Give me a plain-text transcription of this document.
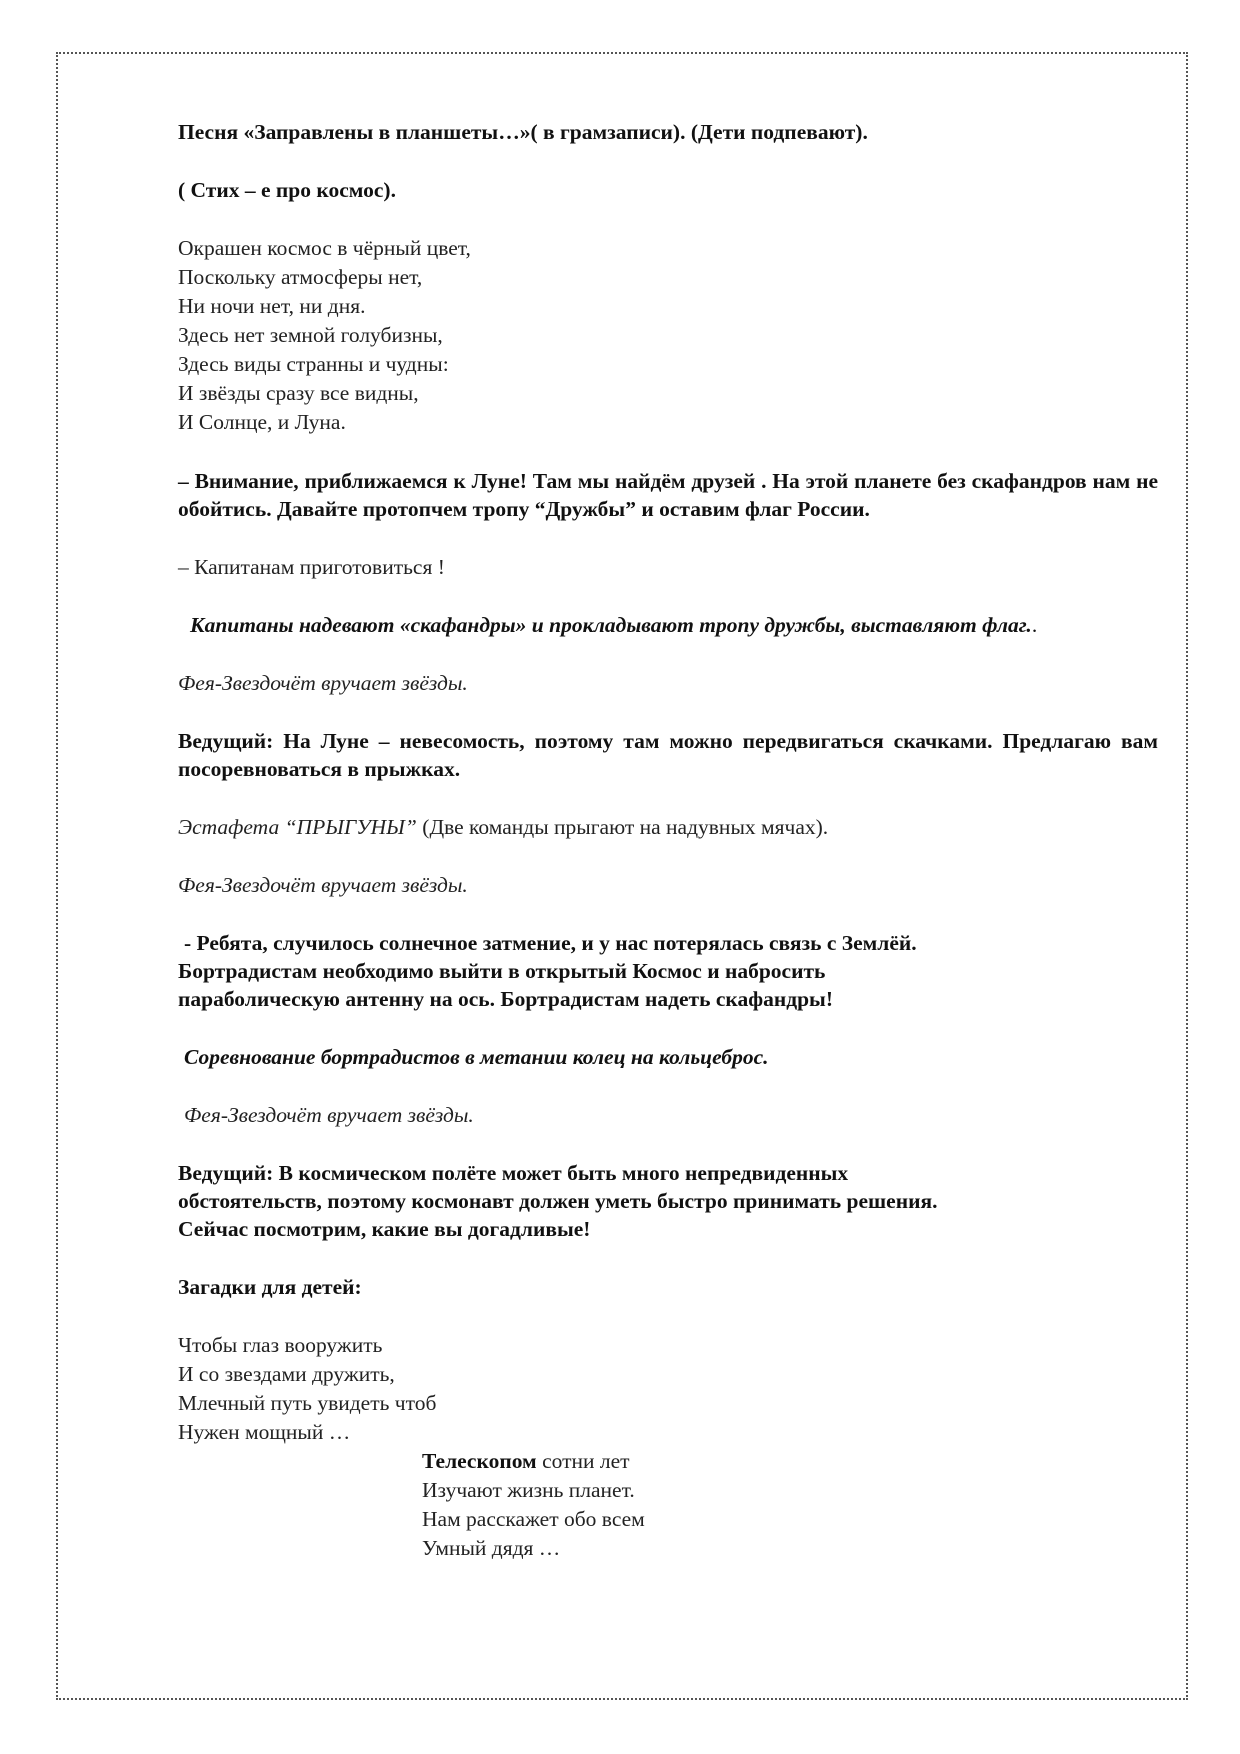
Песня «Заправлены в планшеты…»( в грамзаписи). (Дети подпевают).

( Стих – е про космос).

Окрашен космос в чёрный цвет,

Поскольку атмосферы нет,

Ни ночи нет, ни дня.

Здесь нет земной голубизны,

Здесь виды странны и чудны:

И звёзды сразу все видны,

И Солнце, и Луна.

– Внимание, приближаемся к Луне! Там мы найдём друзей . На этой планете без скафандров нам не обойтись. Давайте протопчем тропу “Дружбы” и оставим флаг России.

– Капитанам приготовиться !

Капитаны надевают «скафандры» и прокладывают тропу дружбы, выставляют флаг..

Фея-Звездочёт вручает звёзды.

Ведущий: На Луне – невесомость, поэтому там можно передвигаться скачками. Предлагаю вам посоревноваться в прыжках.

Эстафета “ПРЫГУНЫ” (Две команды прыгают на надувных мячах).

Фея-Звездочёт вручает звёзды.

- Ребята, случилось солнечное затмение, и у нас потерялась связь с Землёй.

Бортрадистам необходимо выйти в открытый Космос и набросить

параболическую антенну на ось. Бортрадистам надеть скафандры!

Соревнование бортрадистов в метании колец на кольцеброс.

Фея-Звездочёт вручает звёзды.

Ведущий: В космическом полёте может быть много непредвиденных

обстоятельств, поэтому космонавт должен уметь быстро принимать решения.

Сейчас посмотрим, какие вы догадливые!

Загадки для детей:

Чтобы глаз вооружить

И со звездами дружить,

Млечный путь увидеть чтоб

Нужен мощный …

Телескопом сотни лет

Изучают жизнь планет.

Нам расскажет обо всем

Умный дядя …
